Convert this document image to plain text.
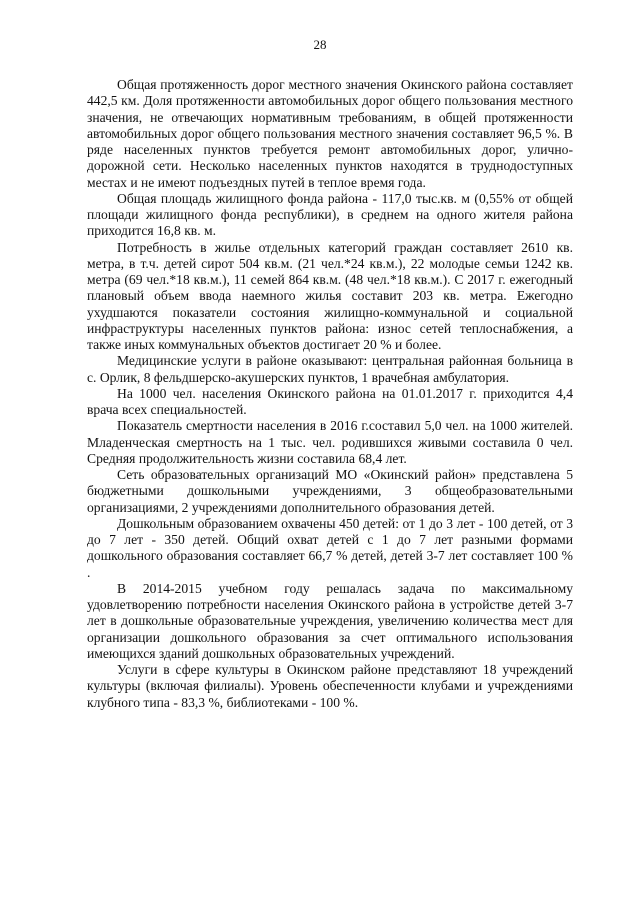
28

Общая протяженность дорог местного значения Окинского района составляет 442,5 км. Доля протяженности автомобильных дорог общего пользования местного значения, не отвечающих нормативным требованиям, в общей протяженности автомобильных дорог общего пользования местного значения составляет 96,5 %. В ряде населенных пунктов требуется ремонт автомобильных дорог, улично-дорожной сети. Несколько населенных пунктов находятся в труднодоступных местах и не имеют подъездных путей в теплое время года.

Общая площадь жилищного фонда района - 117,0 тыс.кв. м (0,55% от общей площади жилищного фонда республики), в среднем на одного жителя района приходится 16,8 кв. м.

Потребность в жилье отдельных категорий граждан составляет 2610 кв. метра, в т.ч. детей сирот 504 кв.м. (21 чел.*24 кв.м.), 22 молодые семьи 1242 кв. метра (69 чел.*18 кв.м.), 11 семей 864 кв.м. (48 чел.*18 кв.м.). С 2017 г. ежегодный плановый объем ввода наемного жилья составит 203 кв. метра. Ежегодно ухудшаются показатели состояния жилищно-коммунальной и социальной инфраструктуры населенных пунктов района: износ сетей теплоснабжения, а также иных коммунальных объектов достигает 20 % и более.

Медицинские услуги в районе оказывают: центральная районная больница в с. Орлик, 8 фельдшерско-акушерских пунктов, 1 врачебная амбулатория.

На 1000 чел. населения Окинского района на 01.01.2017 г. приходится 4,4 врача всех специальностей.

Показатель смертности населения в 2016 г.составил 5,0 чел. на 1000 жителей. Младенческая смертность на 1 тыс. чел. родившихся живыми составила 0 чел. Средняя продолжительность жизни составила 68,4 лет.

Сеть образовательных организаций МО «Окинский район» представлена 5 бюджетными дошкольными учреждениями, 3 общеобразовательными организациями, 2 учреждениями дополнительного образования детей.

Дошкольным образованием охвачены 450 детей: от 1 до 3 лет - 100 детей, от 3 до 7 лет - 350 детей. Общий охват детей с 1 до 7 лет разными формами дошкольного образования составляет 66,7 % детей, детей 3-7 лет составляет 100 % .

В 2014-2015 учебном году решалась задача по максимальному удовлетворению потребности населения Окинского района в устройстве детей 3-7 лет в дошкольные образовательные учреждения, увеличению количества мест для организации дошкольного образования за счет оптимального использования имеющихся зданий дошкольных образовательных учреждений.

Услуги в сфере культуры в Окинском районе представляют 18 учреждений культуры (включая филиалы). Уровень обеспеченности клубами и учреждениями клубного типа - 83,3 %, библиотеками - 100 %.
